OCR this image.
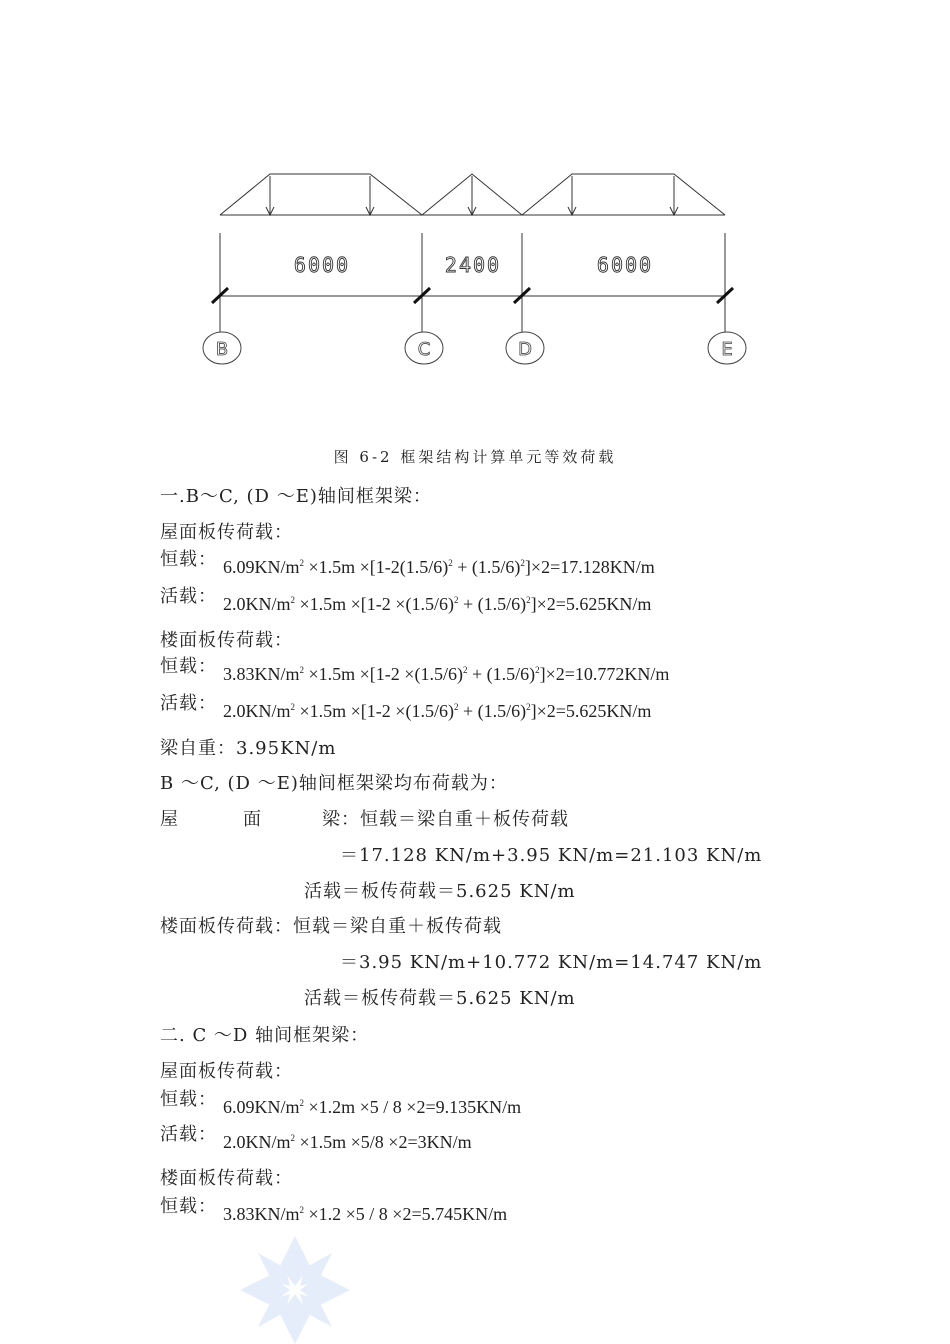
6000	2400	6000
B	C	D	E
图 6-2 框架结构计算单元等效荷载
一.B～C, (D ～E)轴间框架梁：
屋面板传荷载：
恒载： $6.09KN/m^2 \times 1.5m \times[1-2(1.5/6)^2 + (1.5/6)^2]\times 2=17.128KN/m$
活载： $2.0KN/m^2 \times 1.5m \times[1-2 \times(1.5/6)^2 + (1.5/6)^2]\times 2=5.625KN/m$
楼面板传荷载：
恒载： $3.83KN/m^2 \times 1.5m \times[1-2 \times(1.5/6)^2 + (1.5/6)^2]\times 2=10.772KN/m$
活载： $2.0KN/m^2 \times 1.5m \times[1-2 \times(1.5/6)^2 + (1.5/6)^2]\times 2=5.625KN/m$
梁自重：3.95KN/m
B ～C, (D ～E)轴间框架梁均布荷载为：
屋	面	梁：恒载＝梁自重＋板传荷载
＝17.128 KN/m+3.95 KN/m=21.103 KN/m
活载＝板传荷载＝5.625 KN/m
楼面板传荷载：恒载＝梁自重＋板传荷载
＝3.95 KN/m+10.772 KN/m=14.747 KN/m
活载＝板传荷载＝5.625 KN/m
二. C ～D 轴间框架梁：
屋面板传荷载：
恒载： $6.09KN/m^2 \times 1.2m \times 5 / 8 \times 2=9.135KN/m$
活载： $2.0KN/m^2 \times 1.5m \times 5/8 \times 2=3KN/m$
楼面板传荷载：
恒载： $3.83KN/m^2 \times 1.2 \times 5 / 8 \times 2=5.745KN/m$
